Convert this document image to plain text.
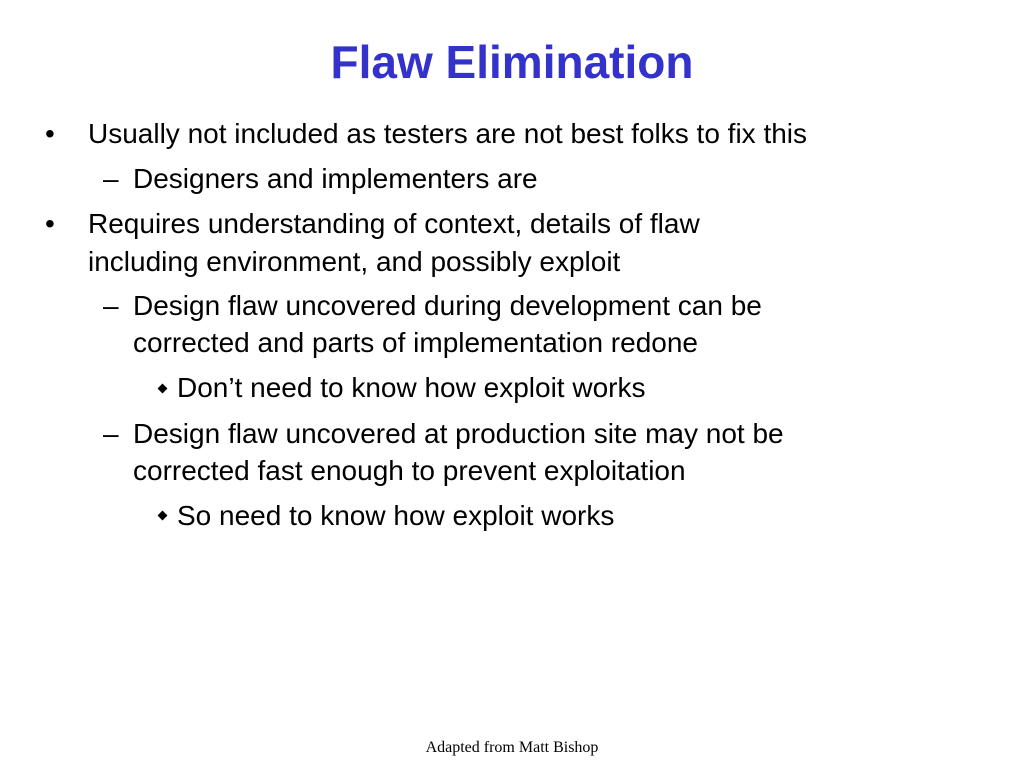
Flaw Elimination
• Usually not included as testers are not best folks to fix this
– Designers and implementers are
• Requires understanding of context, details of flaw
including environment, and possibly exploit
– Design flaw uncovered during development can be
corrected and parts of implementation redone
Don’t need to know how exploit works
– Design flaw uncovered at production site may not be
corrected fast enough to prevent exploitation
So need to know how exploit works
Adapted from Matt Bishop
